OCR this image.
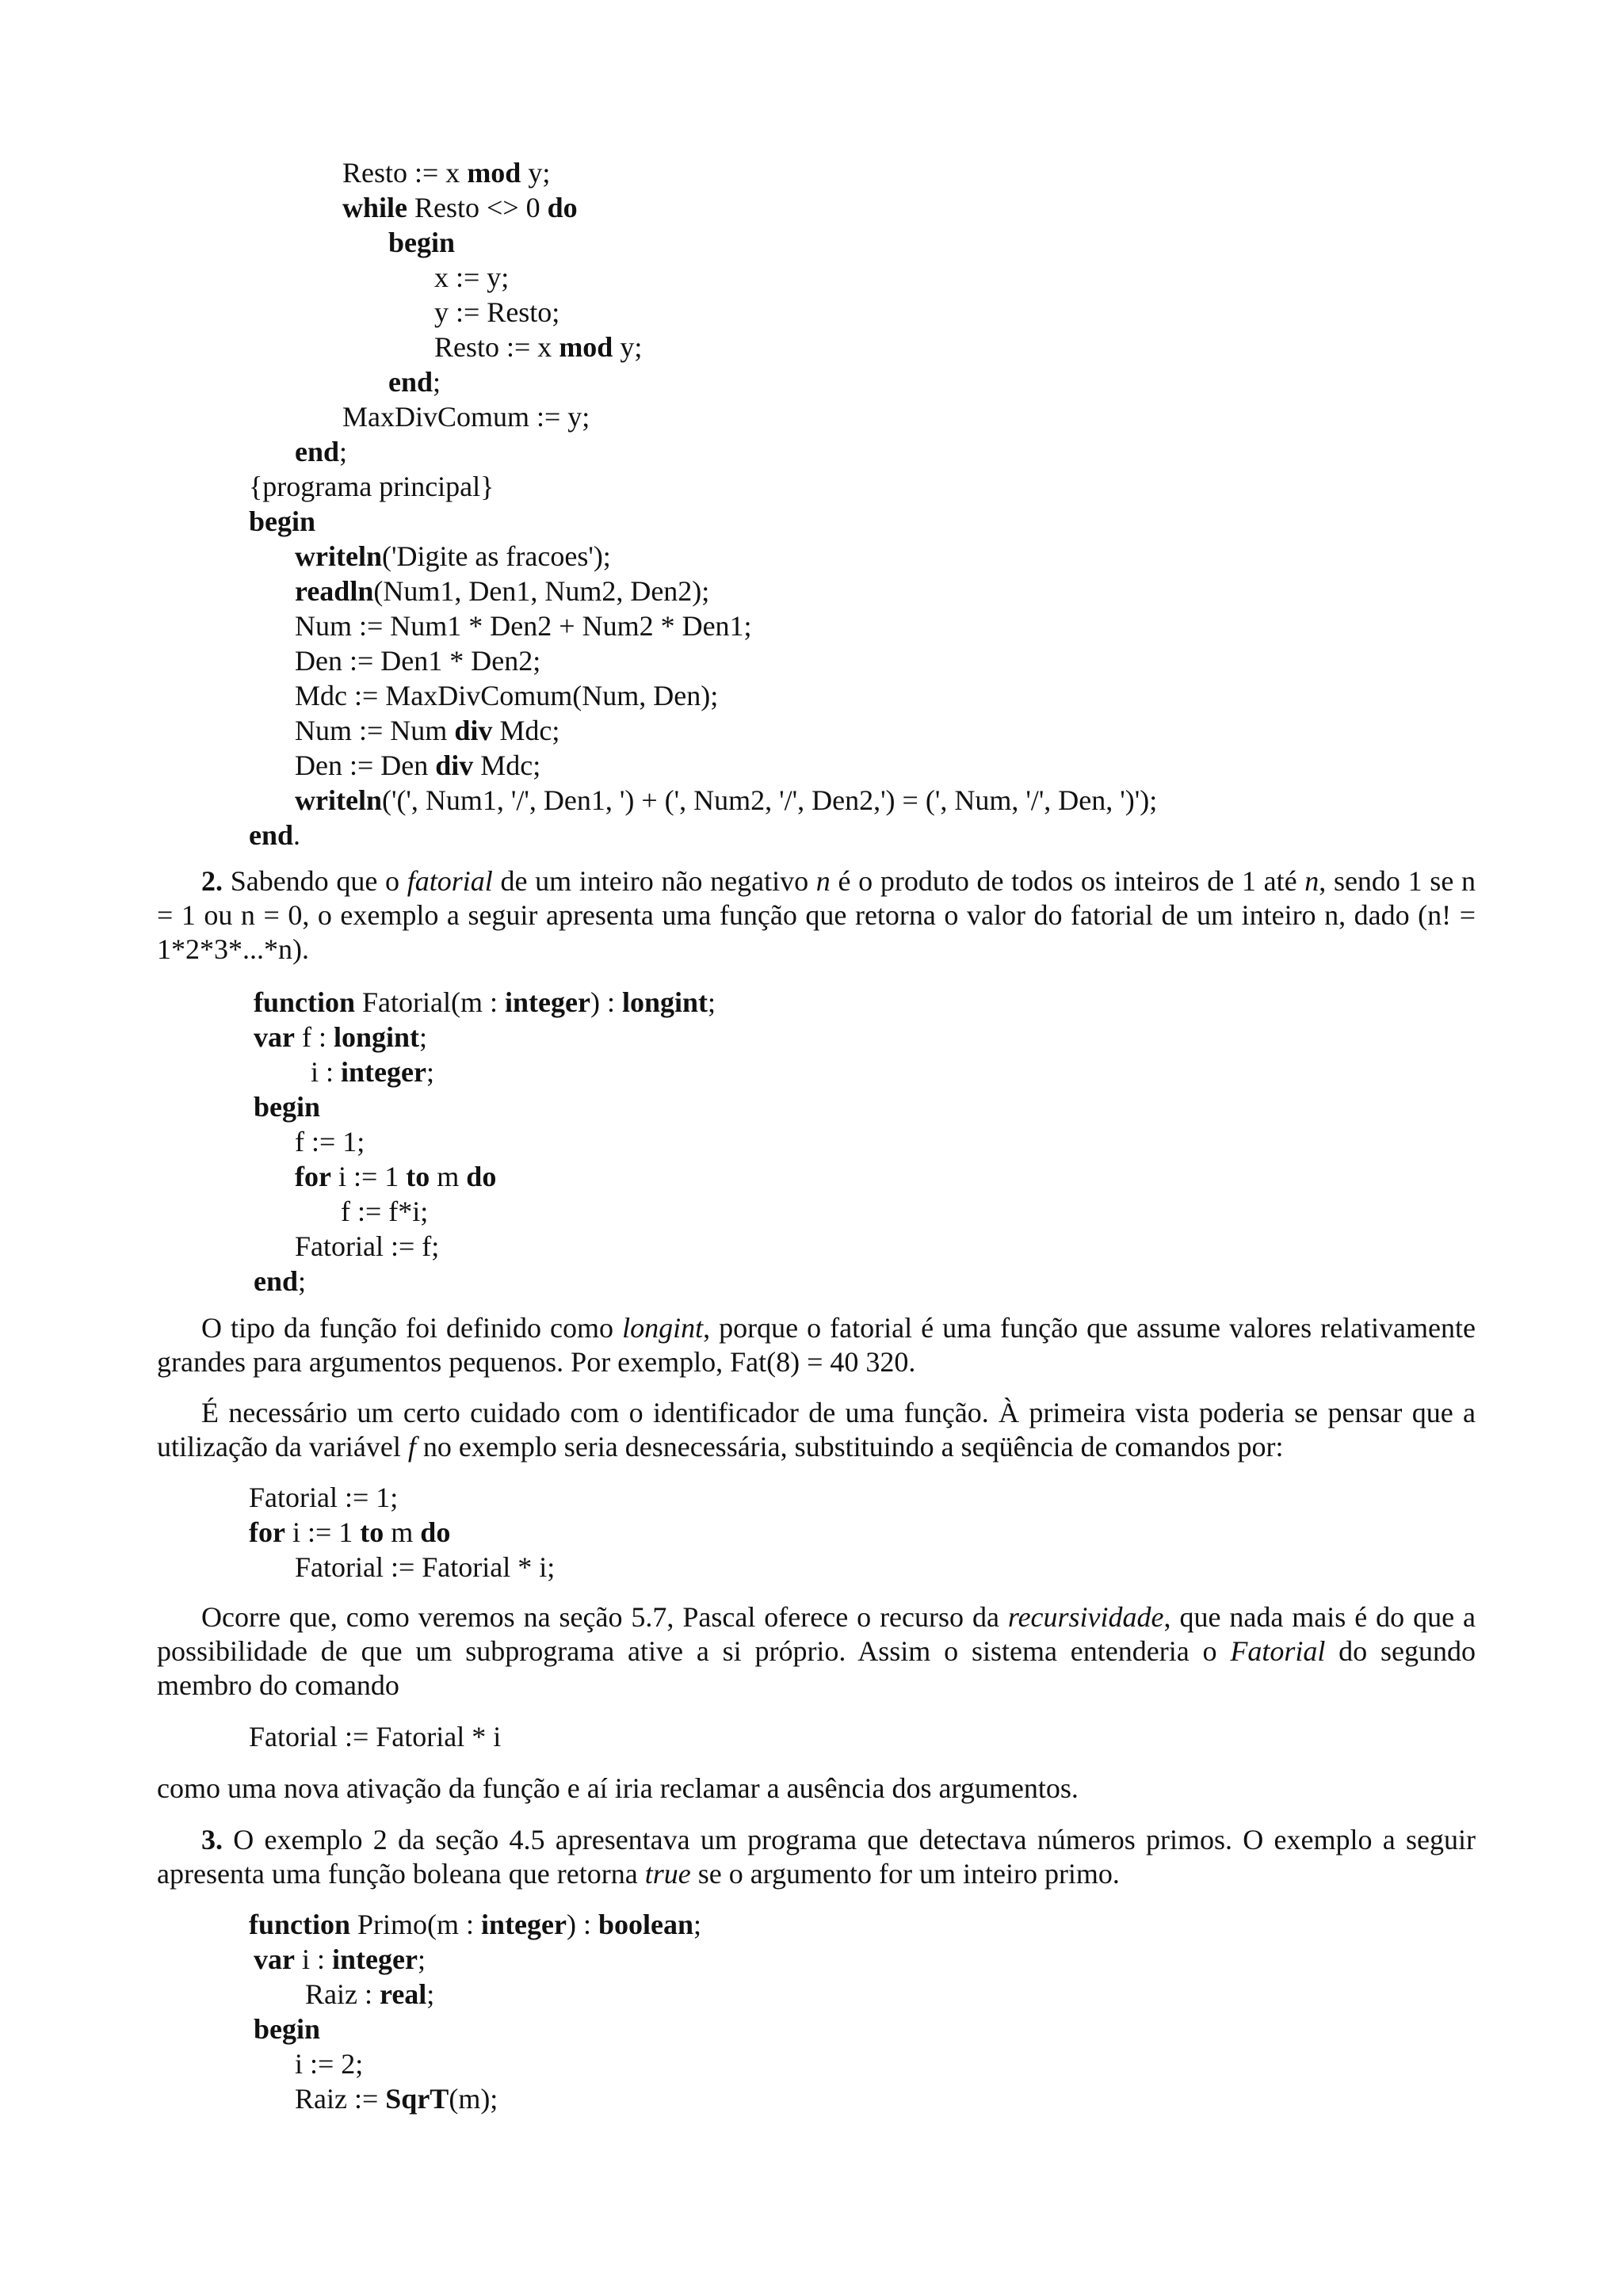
Resto := x mod y;
while Resto <> 0 do
begin
x := y;
y := Resto;
Resto := x mod y;
end;
MaxDivComum := y;
end;
{programa principal}
begin
writeln('Digite as fracoes');
readln(Num1, Den1, Num2, Den2);
Num := Num1 * Den2 + Num2 * Den1;
Den := Den1 * Den2;
Mdc := MaxDivComum(Num, Den);
Num := Num div Mdc;
Den := Den div Mdc;
writeln('(', Num1, '/', Den1, ') + (', Num2, '/', Den2,') = (', Num, '/', Den, ')');
end.

2. Sabendo que o fatorial de um inteiro não negativo n é o produto de todos os inteiros de 1 até n, sendo 1 se n = 1 ou n = 0, o exemplo a seguir apresenta uma função que retorna o valor do fatorial de um inteiro n, dado (n! = 1*2*3*...*n).

function Fatorial(m : integer) : longint;
var f : longint;
i : integer;
begin
f := 1;
for i := 1 to m do
f := f*i;
Fatorial := f;
end;

O tipo da função foi definido como longint, porque o fatorial é uma função que assume valores relativamente grandes para argumentos pequenos. Por exemplo, Fat(8) = 40 320.

É necessário um certo cuidado com o identificador de uma função. À primeira vista poderia se pensar que a utilização da variável f no exemplo seria desnecessária, substituindo a seqüência de comandos por:

Fatorial := 1;
for i := 1 to m do
Fatorial := Fatorial * i;

Ocorre que, como veremos na seção 5.7, Pascal oferece o recurso da recursividade, que nada mais é do que a possibilidade de que um subprograma ative a si próprio. Assim o sistema entenderia o Fatorial do segundo membro do comando

Fatorial := Fatorial * i

como uma nova ativação da função e aí iria reclamar a ausência dos argumentos.

3. O exemplo 2 da seção 4.5 apresentava um programa que detectava números primos. O exemplo a seguir apresenta uma função boleana que retorna true se o argumento for um inteiro primo.

function Primo(m : integer) : boolean;
var i : integer;
Raiz : real;
begin
i := 2;
Raiz := SqrT(m);
